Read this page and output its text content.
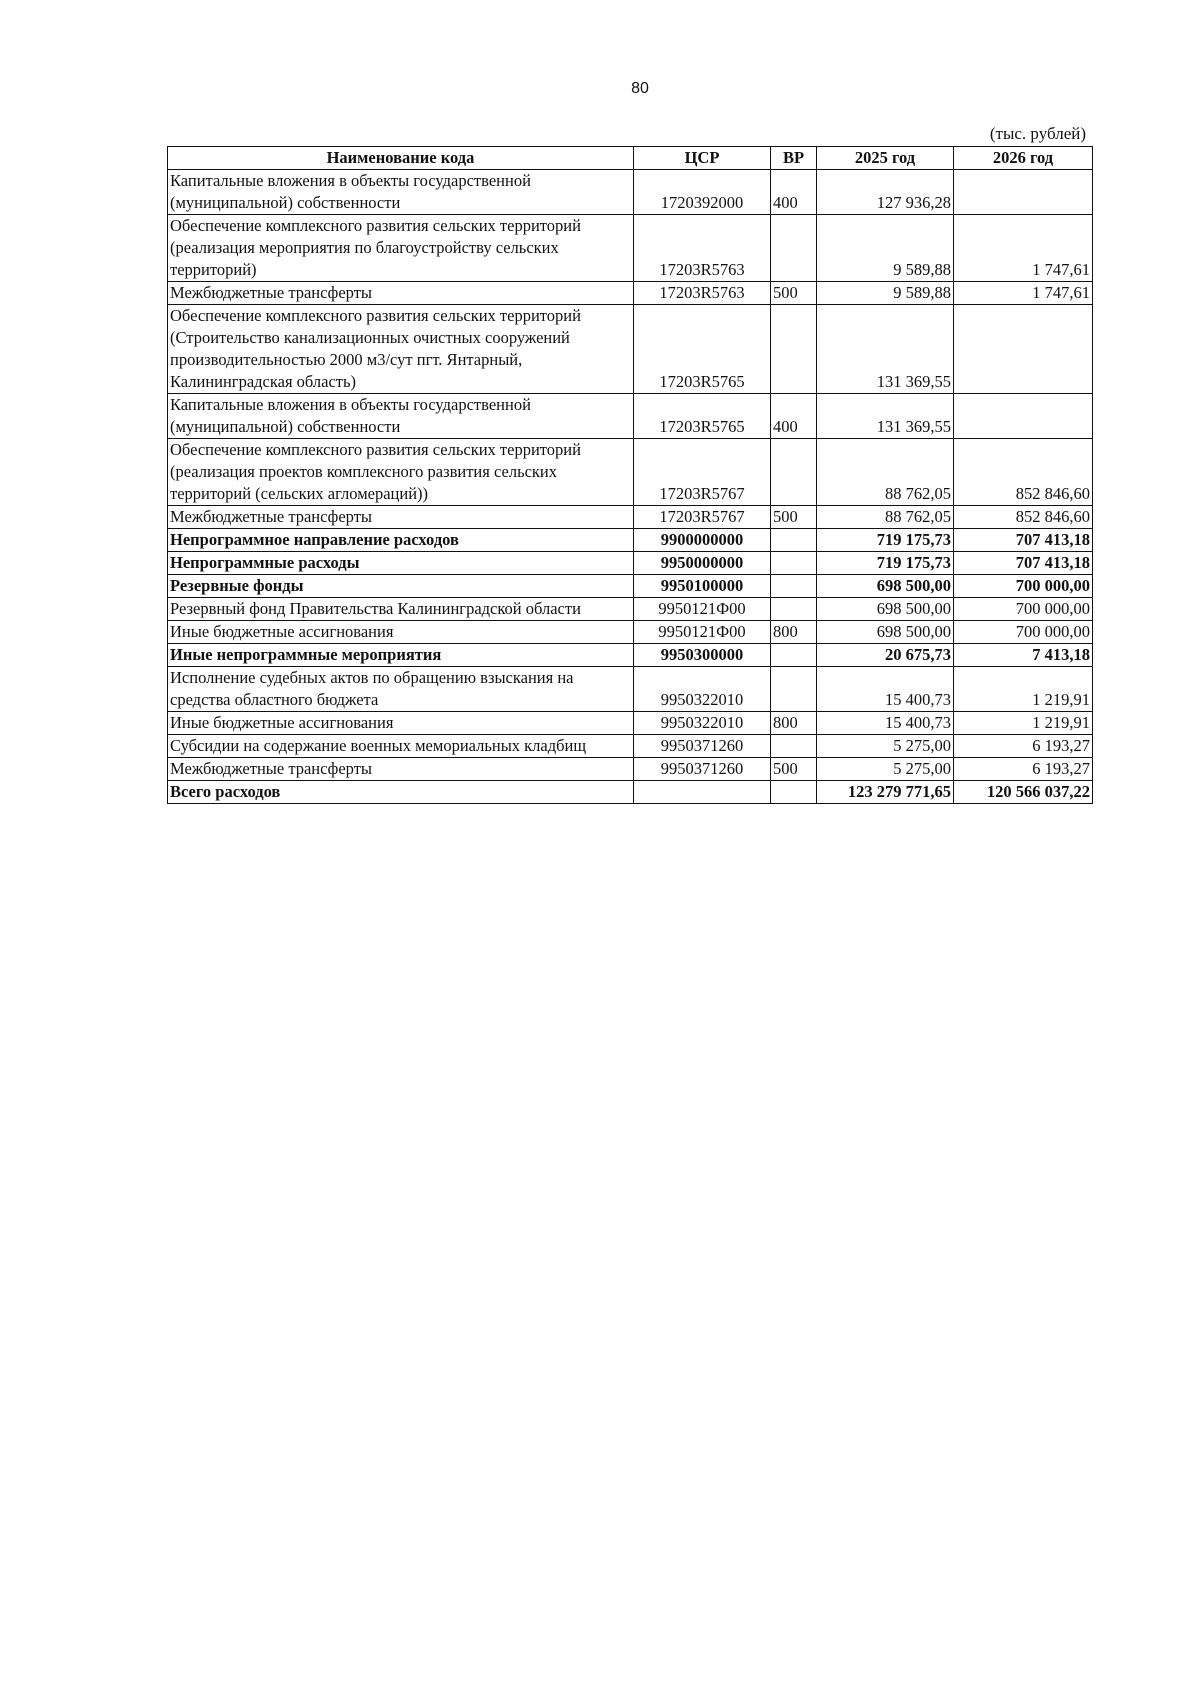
80
(тыс. рублей)
Наименование кода	ЦСР	ВР	2025 год	2026 год
Капитальные вложения в объекты государственной (муниципальной) собственности	1720392000	400	127 936,28	
Обеспечение комплексного развития сельских территорий (реализация мероприятия по благоустройству сельских территорий)	17203R5763		9 589,88	1 747,61
Межбюджетные трансферты	17203R5763	500	9 589,88	1 747,61
Обеспечение комплексного развития сельских территорий (Строительство канализационных очистных сооружений производительностью 2000 м3/сут пгт. Янтарный, Калининградская область)	17203R5765		131 369,55	
Капитальные вложения в объекты государственной (муниципальной) собственности	17203R5765	400	131 369,55	
Обеспечение комплексного развития сельских территорий (реализация проектов комплексного развития сельских территорий (сельских агломераций))	17203R5767		88 762,05	852 846,60
Межбюджетные трансферты	17203R5767	500	88 762,05	852 846,60
Непрограммное направление расходов	9900000000		719 175,73	707 413,18
Непрограммные расходы	9950000000		719 175,73	707 413,18
Резервные фонды	9950100000		698 500,00	700 000,00
Резервный фонд Правительства Калининградской области	9950121Ф00		698 500,00	700 000,00
Иные бюджетные ассигнования	9950121Ф00	800	698 500,00	700 000,00
Иные непрограммные мероприятия	9950300000		20 675,73	7 413,18
Исполнение судебных актов по обращению взыскания на средства областного бюджета	9950322010		15 400,73	1 219,91
Иные бюджетные ассигнования	9950322010	800	15 400,73	1 219,91
Субсидии на содержание военных мемориальных кладбищ	9950371260		5 275,00	6 193,27
Межбюджетные трансферты	9950371260	500	5 275,00	6 193,27
Всего расходов			123 279 771,65	120 566 037,22
